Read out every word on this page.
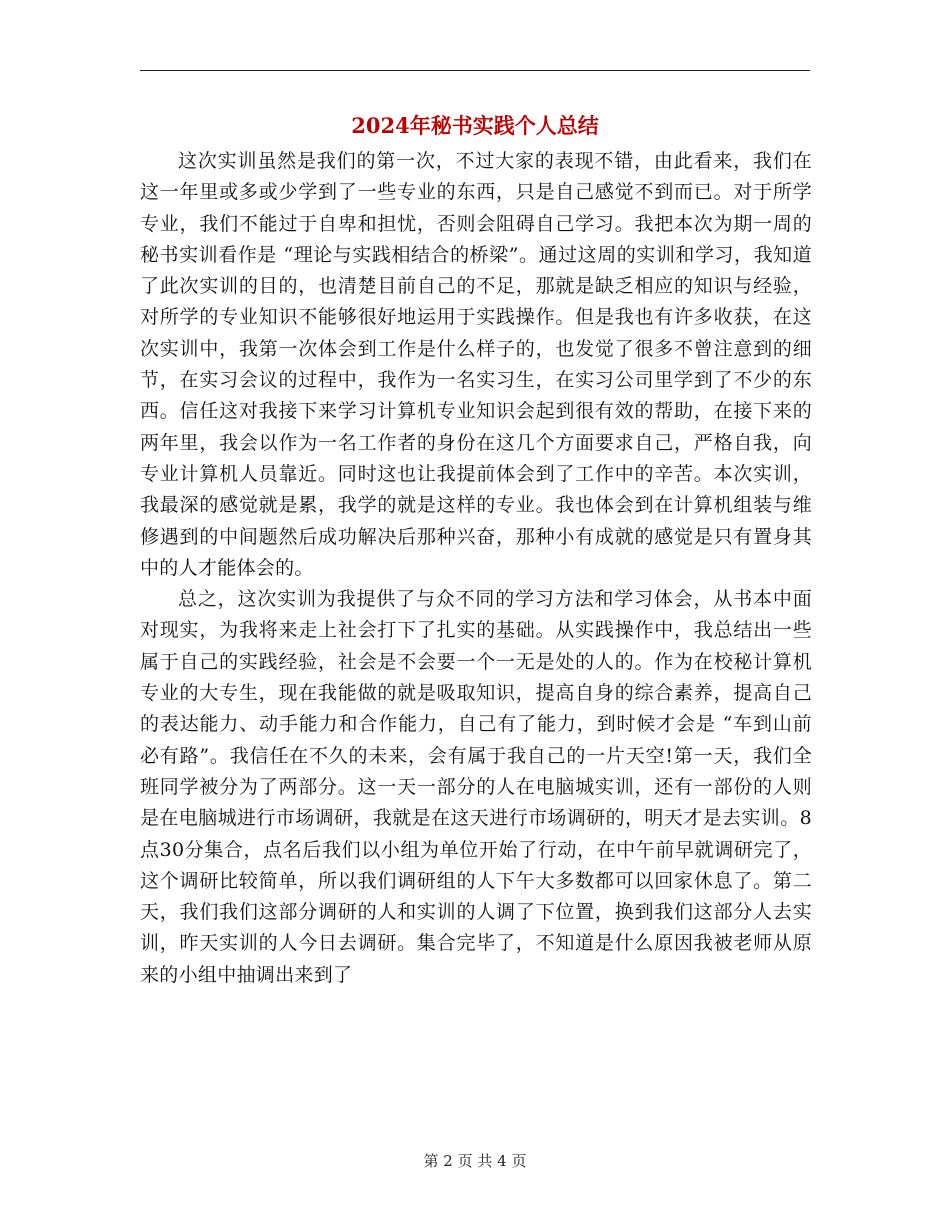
2024年秘书实践个人总结

这次实训虽然是我们的第一次，不过大家的表现不错，由此看来，我们在这一年里或多或少学到了一些专业的东西，只是自己感觉不到而已。对于所学专业，我们不能过于自卑和担忧，否则会阻碍自己学习。我把本次为期一周的秘书实训看作是 “理论与实践相结合的桥梁”。通过这周的实训和学习，我知道了此次实训的目的，也清楚目前自己的不足，那就是缺乏相应的知识与经验，对所学的专业知识不能够很好地运用于实践操作。但是我也有许多收获，在这次实训中，我第一次体会到工作是什么样子的，也发觉了很多不曾注意到的细节，在实习会议的过程中，我作为一名实习生，在实习公司里学到了不少的东西。信任这对我接下来学习计算机专业知识会起到很有效的帮助，在接下来的两年里，我会以作为一名工作者的身份在这几个方面要求自己，严格自我，向专业计算机人员靠近。同时这也让我提前体会到了工作中的辛苦。本次实训，我最深的感觉就是累，我学的就是这样的专业。我也体会到在计算机组装与维修遇到的中间题然后成功解决后那种兴奋，那种小有成就的感觉是只有置身其中的人才能体会的。

总之，这次实训为我提供了与众不同的学习方法和学习体会，从书本中面对现实，为我将来走上社会打下了扎实的基础。从实践操作中，我总结出一些属于自己的实践经验，社会是不会要一个一无是处的人的。作为在校秘计算机专业的大专生，现在我能做的就是吸取知识，提高自身的综合素养，提高自己的表达能力、动手能力和合作能力，自己有了能力，到时候才会是 “车到山前必有路”。我信任在不久的未来，会有属于我自己的一片天空!第一天，我们全班同学被分为了两部分。这一天一部分的人在电脑城实训，还有一部份的人则是在电脑城进行市场调研，我就是在这天进行市场调研的，明天才是去实训。8点30分集合，点名后我们以小组为单位开始了行动，在中午前早就调研完了，这个调研比较简单，所以我们调研组的人下午大多数都可以回家休息了。第二天，我们我们这部分调研的人和实训的人调了下位置，换到我们这部分人去实训，昨天实训的人今日去调研。集合完毕了，不知道是什么原因我被老师从原来的小组中抽调出来到了

第 2 页 共 4 页
